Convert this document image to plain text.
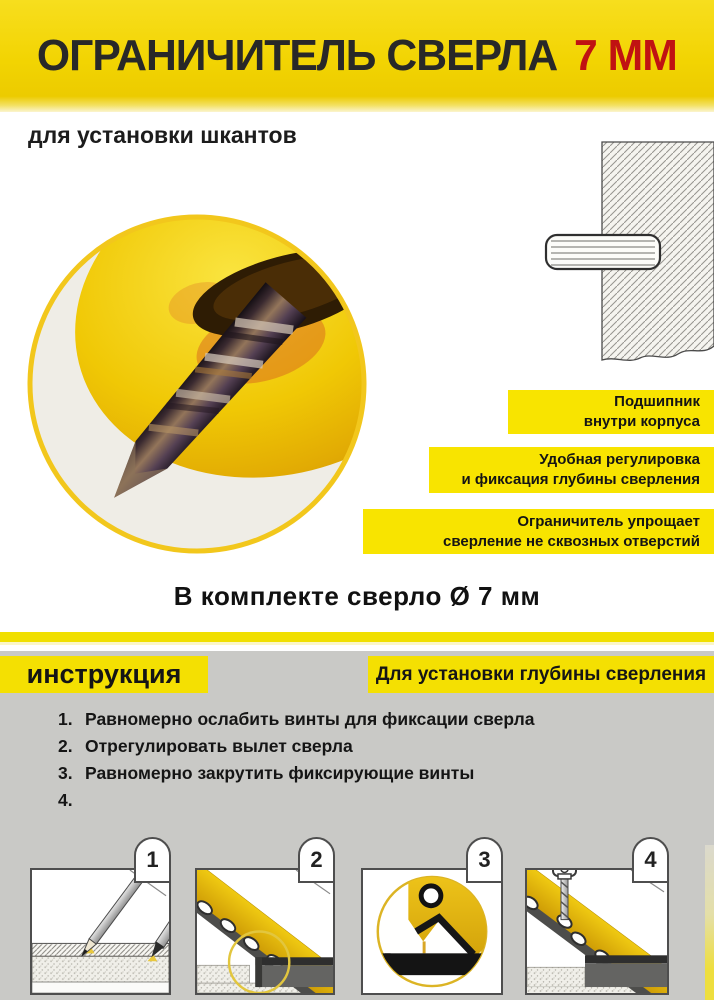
ОГРАНИЧИТЕЛЬ СВЕРЛА 7 ММ
для установки шкантов
Подшипник
внутри корпуса
Удобная регулировка
и фиксация глубины сверления
Ограничитель упрощает
сверление не сквозных отверстий
В комплекте сверло Ø 7 мм
инструкция	Для установки глубины сверления
1. Равномерно ослабить винты для фиксации сверла
2. Отрегулировать вылет сверла
3. Равномерно закрутить фиксирующие винты
4.
1	2	3	4
